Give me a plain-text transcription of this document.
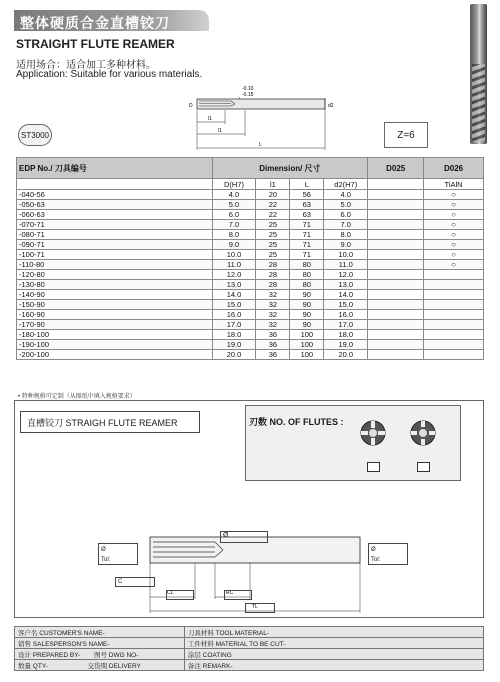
整体硬质合金直槽铰刀
STRAIGHT FLUTE REAMER
适用场合：适合加工多种材料。
Application: Suitable for various materials.
-0.10
-0.15
D	d2
l1
l1
L
ST3000	Z=6
EDP No./ 刀具编号	Dimension/ 尺寸				D025	D026
	D(H7)	l1	L	d2(H7)		TiAlN
-040-56	4.0	20	56	4.0		○
-050-63	5.0	22	63	5.0		○
-060-63	6.0	22	63	6.0		○
-070-71	7.0	25	71	7.0		○
-080-71	8.0	25	71	8.0		○
-090-71	9.0	25	71	9.0		○
-100-71	10.0	25	71	10.0		○
-110-80	11.0	28	80	11.0		○
-120-80	12.0	28	80	12.0		
-130-80	13.0	28	80	13.0		
-140-90	14.0	32	90	14.0		
-150-90	15.0	32	90	15.0		
-160-90	16.0	32	90	16.0		
-170-90	17.0	32	90	17.0		
-180-100	18.0	36	100	18.0		
-190-100	19.0	36	100	19.0		
-200-100	20.0	36	100	20.0		
• 特种规格可定制（从图纸中填入规格要求）
直槽铰刀 STRAIGH FLUTE REAMER	刃数 NO. OF FLUTES :
CL	RC
TL
Ø
Ø
Tol:
Ø
Tol:
C
客户名 CUSTOMER'S NAME-	刀具材料 TOOL MATERIAL-
销售 SALESPERSON'S NAME-	工件材料 MATERIAL TO BE CUT-
设计 PREPARED BY- 图号 DWG NO-	涂层 COATING
数量 QTY- 交货期 DELIVERY	备注 REMARK-
